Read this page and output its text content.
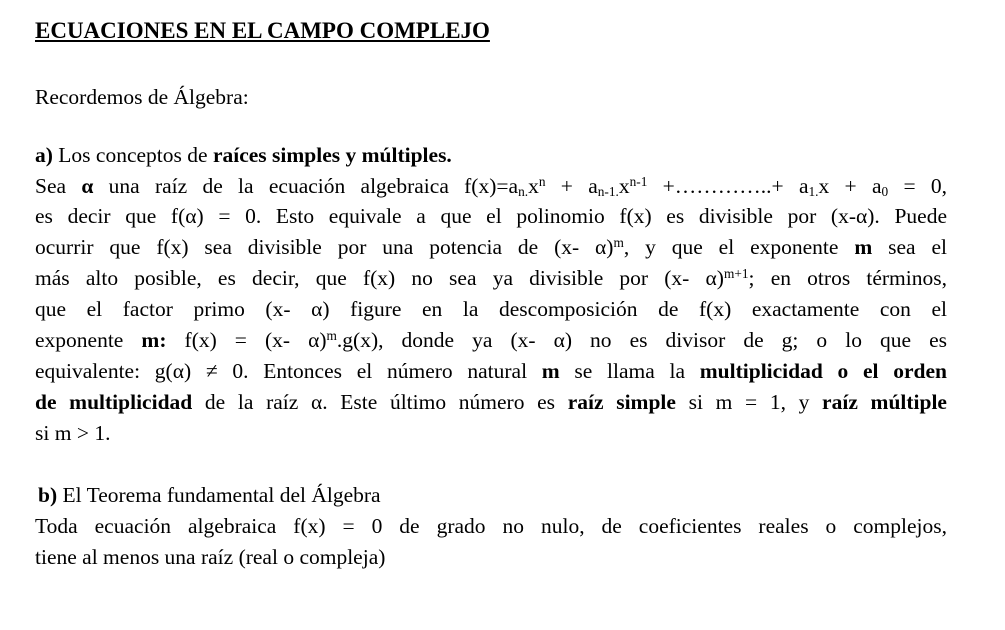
ECUACIONES EN EL CAMPO COMPLEJO
Recordemos de Álgebra:
a) Los conceptos de raíces simples y múltiples.
Sea α una raíz de la ecuación algebraica $f(x)=a_{n.}x^n + a_{n-1.}x^{n-1}$ +…………..+ $a_{1.}x + a_0 = 0$,
es decir que f(α) = 0. Esto equivale a que el polinomio f(x) es divisible por (x-α). Puede
ocurrir que f(x) sea divisible por una potencia de (x- α)$^m$, y que el exponente m sea el
más alto posible, es decir, que f(x) no sea ya divisible por (x- α)$^{m+1}$; en otros términos,
que el factor primo (x- α) figure en la descomposición de f(x) exactamente con el
exponente m: f(x) = (x- α)$^m$.g(x), donde ya (x- α) no es divisor de g; o lo que es
equivalente: g(α) ≠ 0. Entonces el número natural m se llama la multiplicidad o el orden
de multiplicidad de la raíz α. Este último número es raíz simple si m = 1, y raíz múltiple
si m > 1.
b) El Teorema fundamental del Álgebra
Toda ecuación algebraica f(x) = 0 de grado no nulo, de coeficientes reales o complejos,
tiene al menos una raíz (real o compleja)
